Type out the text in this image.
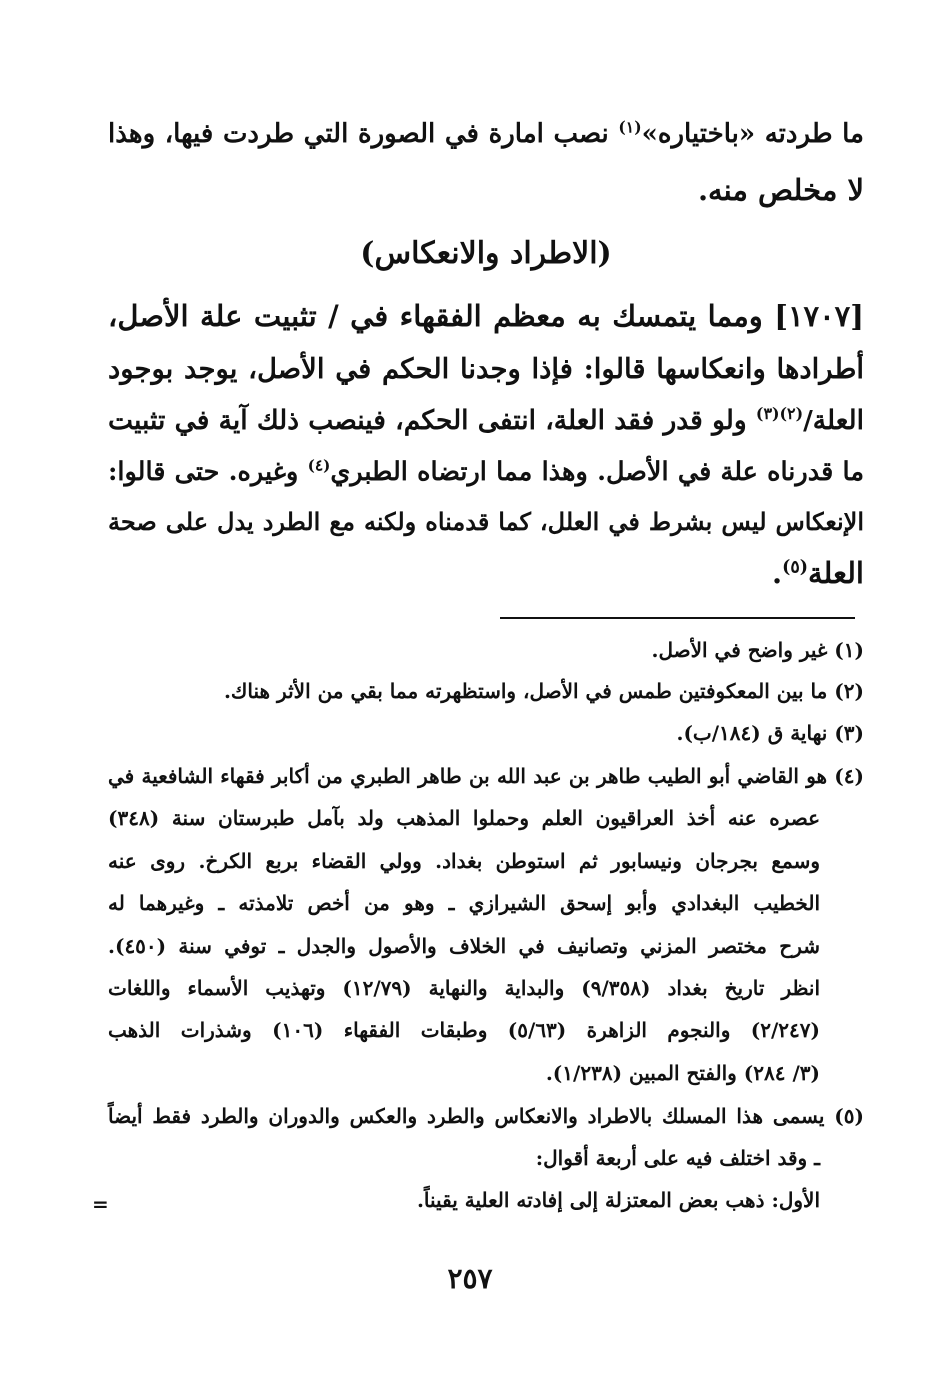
ما طردته «باختياره»$^{(١)}$ نصب امارة في الصورة التي طردت فيها، وهذا
لا مخلص منه.
(الاطراد والانعكاس)
[١٧٠٧] ومما يتمسك به معظم الفقهاء في / تثبيت علة الأصل،
أطرادها وانعكاسها قالوا: فإذا وجدنا الحكم في الأصل، يوجد بوجود
العلة/$^{(٢)(٣)}$ ولو قدر فقد العلة، انتفى الحكم، فينصب ذلك آية في تثبيت
ما قدرناه علة في الأصل. وهذا مما ارتضاه الطبري$^{(٤)}$ وغيره. حتى قالوا:
الإنعكاس ليس بشرط في العلل، كما قدمناه ولكنه مع الطرد يدل على صحة
العلة$^{(٥)}$.
(١) غير واضح في الأصل.
(٢) ما بين المعكوفتين طمس في الأصل، واستظهرته مما بقي من الأثر هناك.
(٣) نهاية ق (١٨٤/ب).
(٤) هو القاضي أبو الطيب طاهر بن عبد الله بن طاهر الطبري من أكابر فقهاء الشافعية في
عصره عنه أخذ العراقيون العلم وحملوا المذهب ولد بآمل طبرستان سنة (٣٤٨)
وسمع بجرجان ونيسابور ثم استوطن بغداد. وولي القضاء بربع الكرخ. روى عنه
الخطيب البغدادي وأبو إسحق الشيرازي ـ وهو من أخص تلامذته ـ وغيرهما له
شرح مختصر المزني وتصانيف في الخلاف والأصول والجدل ـ توفي سنة (٤٥٠).
انظر تاريخ بغداد (٩/٣٥٨) والبداية والنهاية (١٢/٧٩) وتهذيب الأسماء واللغات
(٢/٢٤٧) والنجوم الزاهرة (٥/٦٣) وطبقات الفقهاء (١٠٦) وشذرات الذهب
(٣/ ٢٨٤) والفتح المبين (١/٢٣٨).
(٥) يسمى هذا المسلك بالاطراد والانعكاس والطرد والعكس والدوران والطرد فقط أيضاً
ـ وقد اختلف فيه على أربعة أقوال:
الأول: ذهب بعض المعتزلة إلى إفادته العلية يقيناً.
=
٢٥٧
